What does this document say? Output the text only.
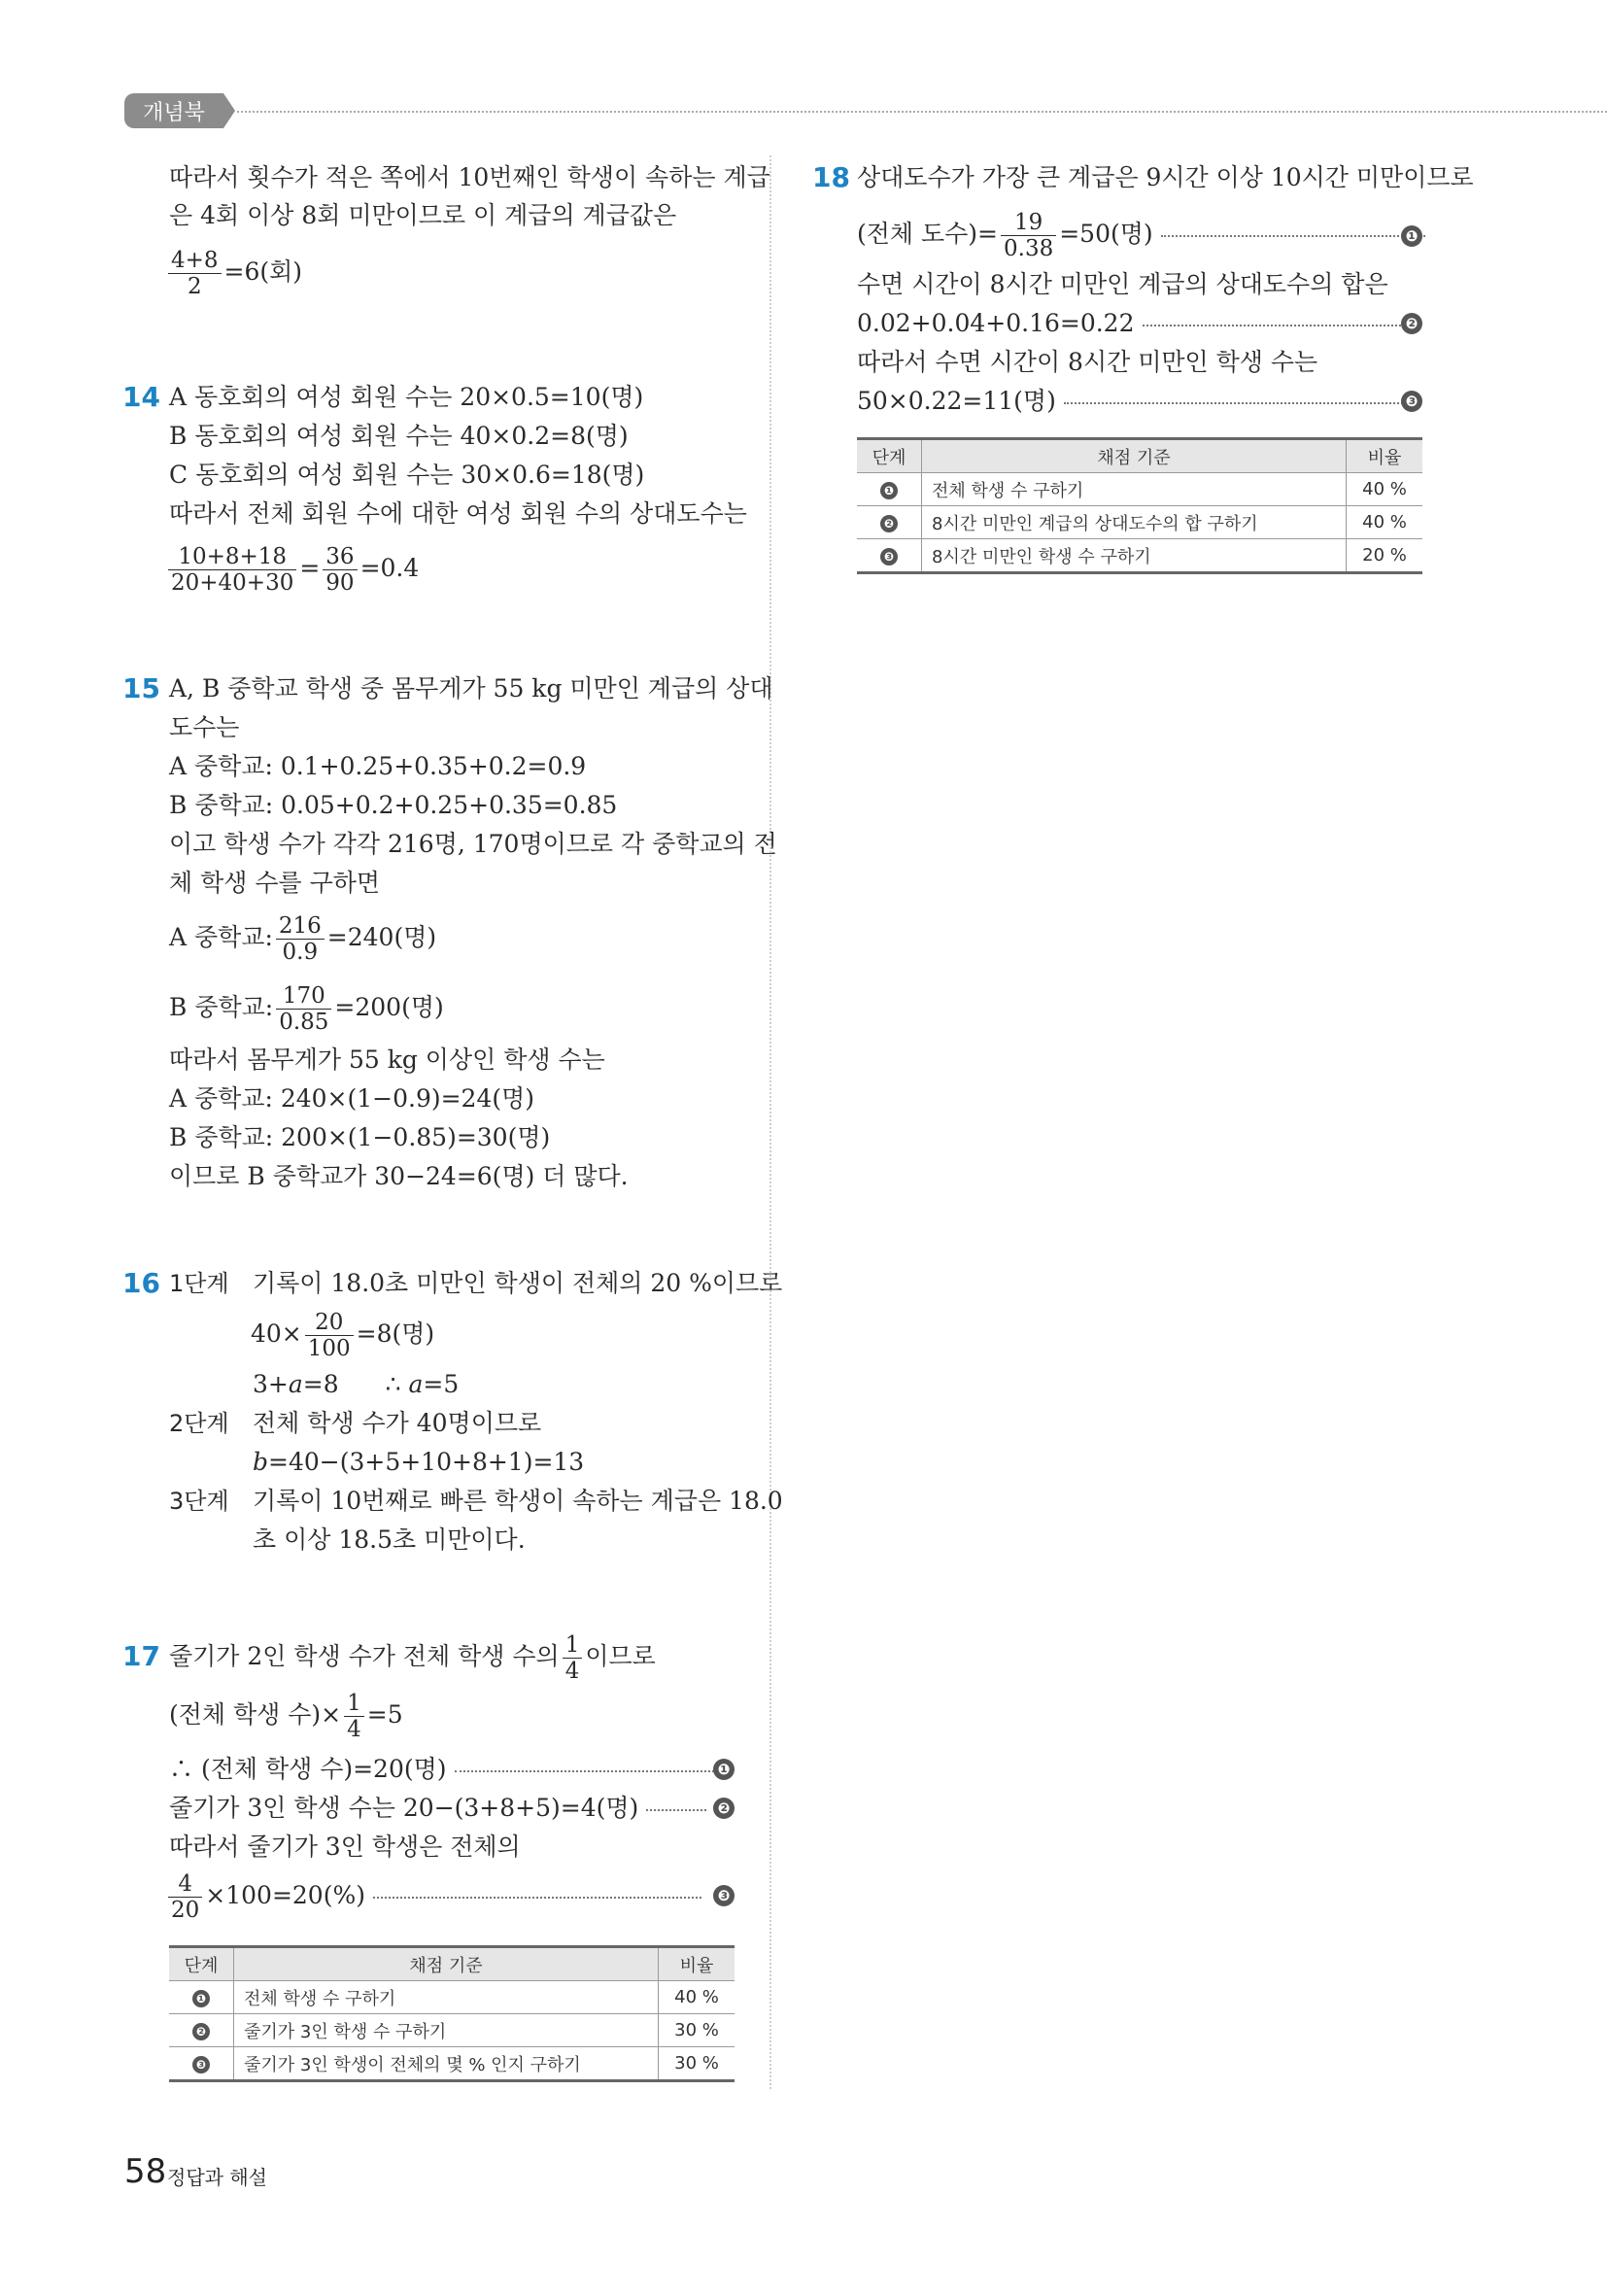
개념북
따라서 횟수가 적은 쪽에서 10번째인 학생이 속하는 계급
은 4회 이상 8회 미만이므로 이 계급의 계급값은
$\frac{4+8}{2} =6$(회)
14 A 동호회의 여성 회원 수는 20×0.5=10(명)
B 동호회의 여성 회원 수는 40×0.2=8(명)
C 동호회의 여성 회원 수는 30×0.6=18(명)
따라서 전체 회원 수에 대한 여성 회원 수의 상대도수는
$\frac{10+8+18}{20+40+30} = \frac{36}{90} =0.4$
15 A, B 중학교 학생 중 몸무게가 55 kg 미만인 계급의 상대
도수는
A 중학교: 0.1+0.25+0.35+0.2=0.9
B 중학교: 0.05+0.2+0.25+0.35=0.85
이고 학생 수가 각각 216명, 170명이므로 각 중학교의 전
체 학생 수를 구하면
A 중학교: $\frac{216}{0.9} =240$(명)
B 중학교: $\frac{170}{0.85} =200$(명)
따라서 몸무게가 55 kg 이상인 학생 수는
A 중학교: 240×(1−0.9)=24(명)
B 중학교: 200×(1−0.85)=30(명)
이므로 B 중학교가 30−24=6(명) 더 많다.
16 1단계 기록이 18.0초 미만인 학생이 전체의 20 %이므로
$40\times \frac{20}{100} =8$(명)
3+a=8 ∴ a=5
2단계 전체 학생 수가 40명이므로
b=40−(3+5+10+8+1)=13
3단계 기록이 10번째로 빠른 학생이 속하는 계급은 18.0
초 이상 18.5초 미만이다.
17 줄기가 2인 학생 수가 전체 학생 수의 $\frac{1}{4}$ 이므로
(전체 학생 수)× $\frac{1}{4} =5$
∴ (전체 학생 수)=20(명)	❶
줄기가 3인 학생 수는 20−(3+8+5)=4(명)	❷
따라서 줄기가 3인 학생은 전체의
$\frac{4}{20} \times 100=20(\%)$	❸
단계	채점 기준	비율
❶	전체 학생 수 구하기	40 %
❷	줄기가 3인 학생 수 구하기	30 %
❸	줄기가 3인 학생이 전체의 몇 % 인지 구하기	30 %
18 상대도수가 가장 큰 계급은 9시간 이상 10시간 미만이므로
(전체 도수)= $\frac{19}{0.38} =50$(명)	❶
수면 시간이 8시간 미만인 계급의 상대도수의 합은
0.02+0.04+0.16=0.22	❷
따라서 수면 시간이 8시간 미만인 학생 수는
50×0.22=11(명)	❸
단계	채점 기준	비율
❶	전체 학생 수 구하기	40 %
❷	8시간 미만인 계급의 상대도수의 합 구하기	40 %
❸	8시간 미만인 학생 수 구하기	20 %
58 정답과 해설
